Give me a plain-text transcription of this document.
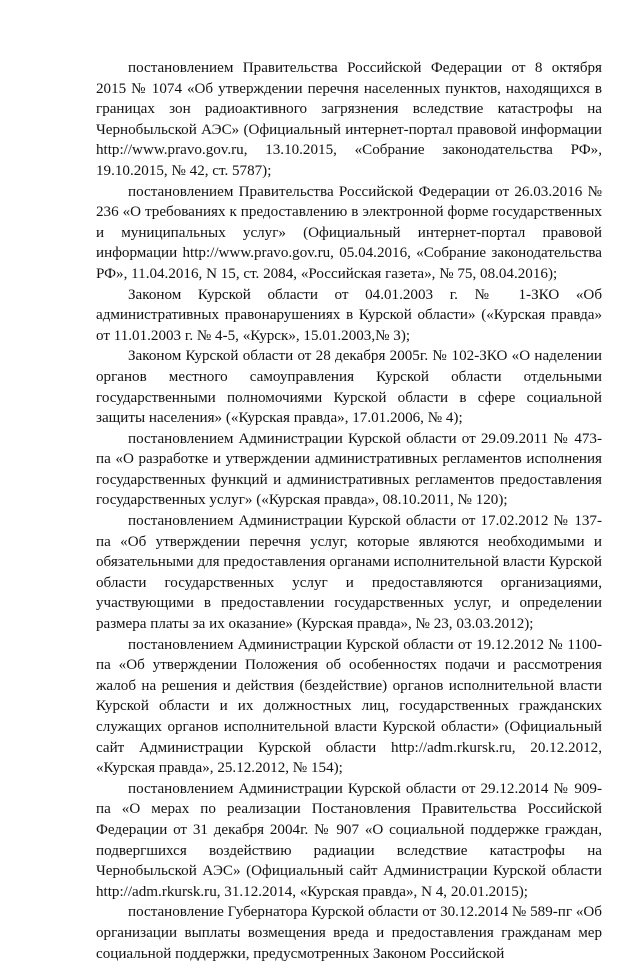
постановлением Правительства Российской Федерации от 8 октября 2015 № 1074 «Об утверждении перечня населенных пунктов, находящихся в границах зон радиоактивного загрязнения вследствие катастрофы на Чернобыльской АЭС» (Официальный интернет-портал правовой информации http://www.pravo.gov.ru, 13.10.2015, «Собрание законодательства РФ», 19.10.2015, № 42, ст. 5787);

постановлением Правительства Российской Федерации от 26.03.2016 № 236 «О требованиях к предоставлению в электронной форме государственных и муниципальных услуг» (Официальный интернет-портал правовой информации http://www.pravo.gov.ru, 05.04.2016, «Собрание законодательства РФ», 11.04.2016, N 15, ст. 2084, «Российская газета», № 75, 08.04.2016);

Законом Курской области от 04.01.2003 г. № 1-ЗКО «Об административных правонарушениях в Курской области» («Курская правда» от 11.01.2003 г. № 4-5, «Курск», 15.01.2003,№ 3);

Законом Курской области от 28 декабря 2005г. № 102-ЗКО «О наделении органов местного самоуправления Курской области отдельными государственными полномочиями Курской области в сфере социальной защиты населения» («Курская правда», 17.01.2006, № 4);

постановлением Администрации Курской области от 29.09.2011 № 473-па «О разработке и утверждении административных регламентов исполнения государственных функций и административных регламентов предоставления государственных услуг» («Курская правда», 08.10.2011, № 120);

постановлением Администрации Курской области от 17.02.2012 № 137-па «Об утверждении перечня услуг, которые являются необходимыми и обязательными для предоставления органами исполнительной власти Курской области государственных услуг и предоставляются организациями, участвующими в предоставлении государственных услуг, и определении размера платы за их оказание» (Курская правда», № 23, 03.03.2012);

постановлением Администрации Курской области от 19.12.2012 № 1100-па «Об утверждении Положения об особенностях подачи и рассмотрения жалоб на решения и действия (бездействие) органов исполнительной власти Курской области и их должностных лиц, государственных гражданских служащих органов исполнительной власти Курской области» (Официальный сайт Администрации Курской области http://adm.rkursk.ru, 20.12.2012, «Курская правда», 25.12.2012, № 154);

постановлением Администрации Курской области от 29.12.2014 № 909-па «О мерах по реализации Постановления Правительства Российской Федерации от 31 декабря 2004г. № 907 «О социальной поддержке граждан, подвергшихся воздействию радиации вследствие катастрофы на Чернобыльской АЭС» (Официальный сайт Администрации Курской области http://adm.rkursk.ru, 31.12.2014, «Курская правда», N 4, 20.01.2015);

постановление Губернатора Курской области от 30.12.2014 № 589-пг «Об организации выплаты возмещения вреда и предоставления гражданам мер социальной поддержки, предусмотренных Законом Российской
